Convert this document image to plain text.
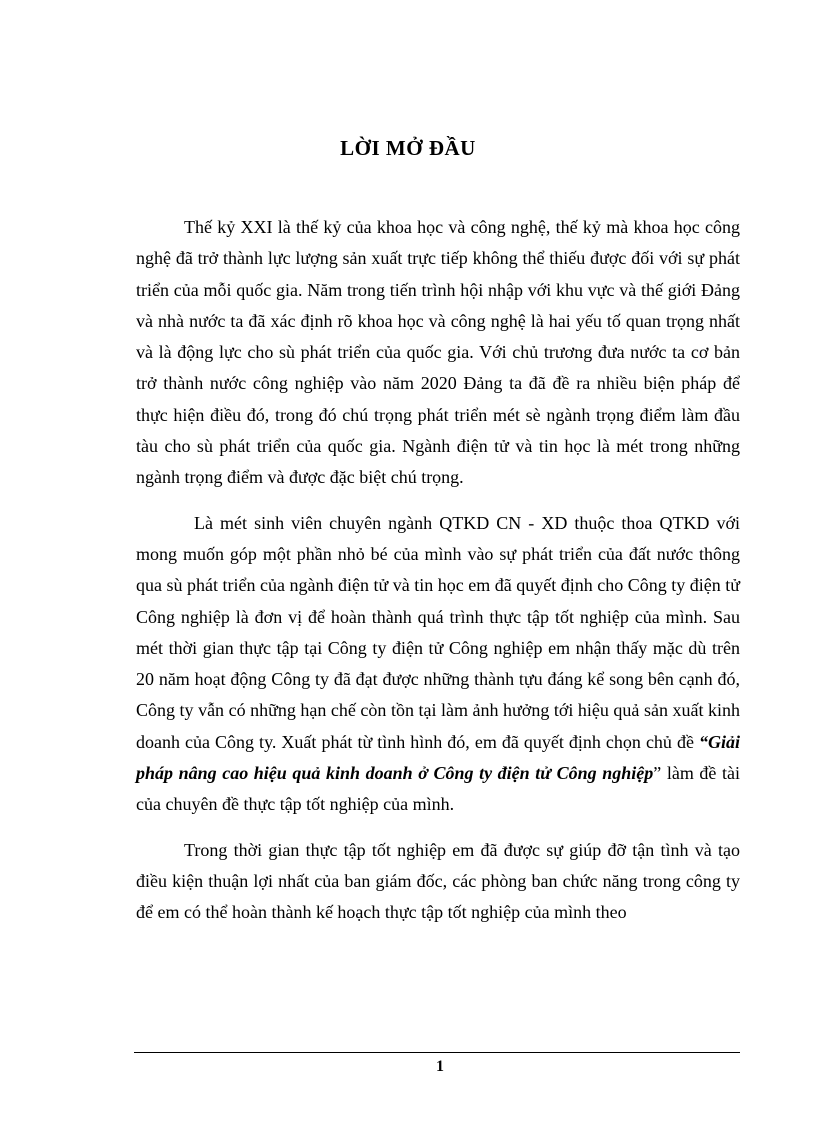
LỜI MỞ ĐẦU

Thế kỷ XXI là thế kỷ của khoa học và công nghệ, thế kỷ mà khoa học công nghệ đã trở thành lực lượng sản xuất trực tiếp không thể thiếu được đối với sự phát triển của mỗi quốc gia. Năm trong tiến trình hội nhập với khu vực và thế giới Đảng và nhà nước ta đã xác định rõ khoa học và công nghệ là hai yếu tố quan trọng nhất và là động lực cho sù phát triển của quốc gia. Với chủ trương đưa nước ta cơ bản trở thành nước công nghiệp vào năm 2020 Đảng ta đã đề ra nhiều biện pháp để thực hiện điều đó, trong đó chú trọng phát triển mét sè ngành trọng điểm làm đầu tàu cho sù phát triển của quốc gia. Ngành điện tử và tin học là mét trong những ngành trọng điểm và được đặc biệt chú trọng.

Là mét sinh viên chuyên ngành QTKD CN - XD thuộc thoa QTKD với mong muốn góp một phần nhỏ bé của mình vào sự phát triển của đất nước thông qua sù phát triển của ngành điện tử và tin học em đã quyết định cho Công ty điện tử Công nghiệp là đơn vị để hoàn thành quá trình thực tập tốt nghiệp của mình. Sau mét thời gian thực tập tại Công ty điện tử Công nghiệp em nhận thấy mặc dù trên 20 năm hoạt động Công ty đã đạt được những thành tựu đáng kể song bên cạnh đó, Công ty vẫn có những hạn chế còn tồn tại làm ảnh hưởng tới hiệu quả sản xuất kinh doanh của Công ty. Xuất phát từ tình hình đó, em đã quyết định chọn chủ đề “Giải pháp nâng cao hiệu quả kinh doanh ở Công ty điện tử Công nghiệp” làm đề tài của chuyên đề thực tập tốt nghiệp của mình.

Trong thời gian thực tập tốt nghiệp em đã được sự giúp đỡ tận tình và tạo điều kiện thuận lợi nhất của ban giám đốc, các phòng ban chức năng trong công ty để em có thể hoàn thành kế hoạch thực tập tốt nghiệp của mình theo

1
